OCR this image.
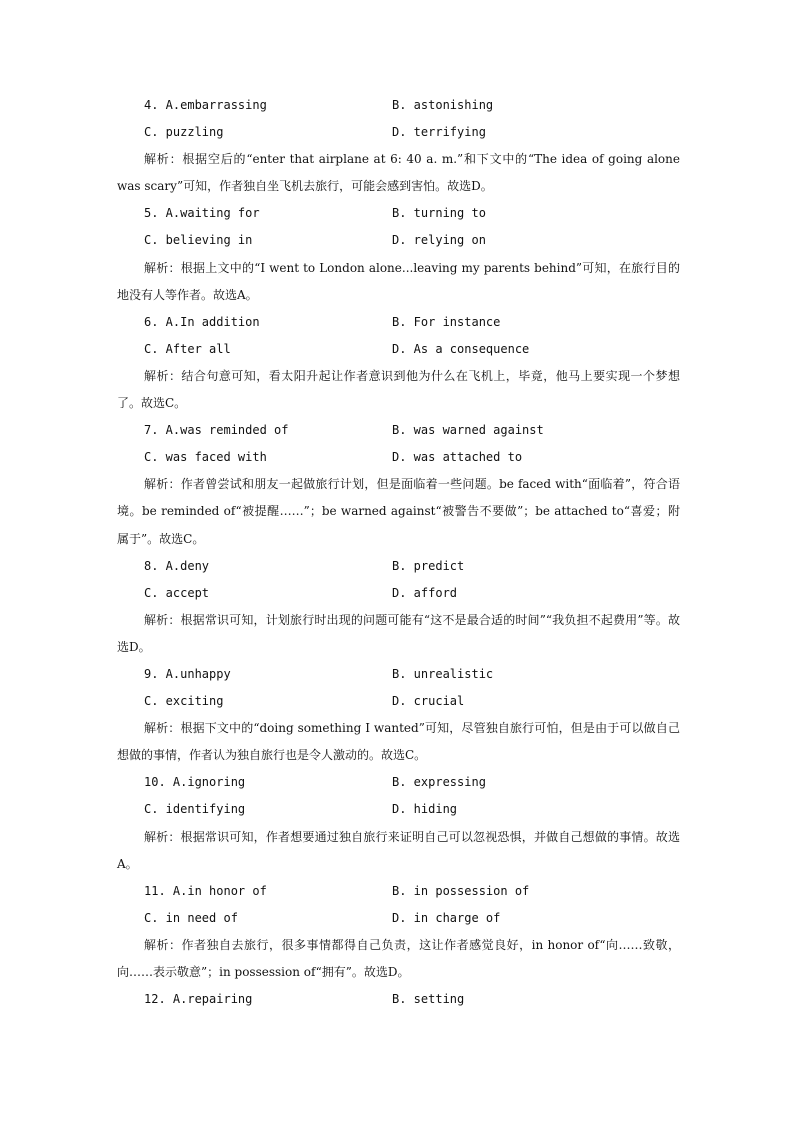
4. A.embarrassing	B. astonishing
C. puzzling	D. terrifying

解析：根据空后的“enter that airplane at 6: 40 a. m.”和下文中的“The idea of going alone was scary”可知，作者独自坐飞机去旅行，可能会感到害怕。故选D。

5. A.waiting for	B. turning to
C. believing in	D. relying on

解析：根据上文中的“I went to London alone...leaving my parents behind”可知，在旅行目的地没有人等作者。故选A。

6. A.In addition	B. For instance
C. After all	D. As a consequence

解析：结合句意可知，看太阳升起让作者意识到他为什么在飞机上，毕竟，他马上要实现一个梦想了。故选C。

7. A.was reminded of	B. was warned against
C. was faced with	D. was attached to

解析：作者曾尝试和朋友一起做旅行计划，但是面临着一些问题。be faced with“面临着”，符合语境。be reminded of“被提醒……”；be warned against“被警告不要做”；be attached to“喜爱；附属于”。故选C。

8. A.deny	B. predict
C. accept	D. afford

解析：根据常识可知，计划旅行时出现的问题可能有“这不是最合适的时间”“我负担不起费用”等。故选D。

9. A.unhappy	B. unrealistic
C. exciting	D. crucial

解析：根据下文中的“doing something I wanted”可知，尽管独自旅行可怕，但是由于可以做自己想做的事情，作者认为独自旅行也是令人激动的。故选C。

10. A.ignoring	B. expressing
C. identifying	D. hiding

解析：根据常识可知，作者想要通过独自旅行来证明自己可以忽视恐惧，并做自己想做的事情。故选A。

11. A.in honor of	B. in possession of
C. in need of	D. in charge of

解析：作者独自去旅行，很多事情都得自己负责，这让作者感觉良好，in honor of“向……致敬，向……表示敬意”；in possession of“拥有”。故选D。

12. A.repairing	B. setting
